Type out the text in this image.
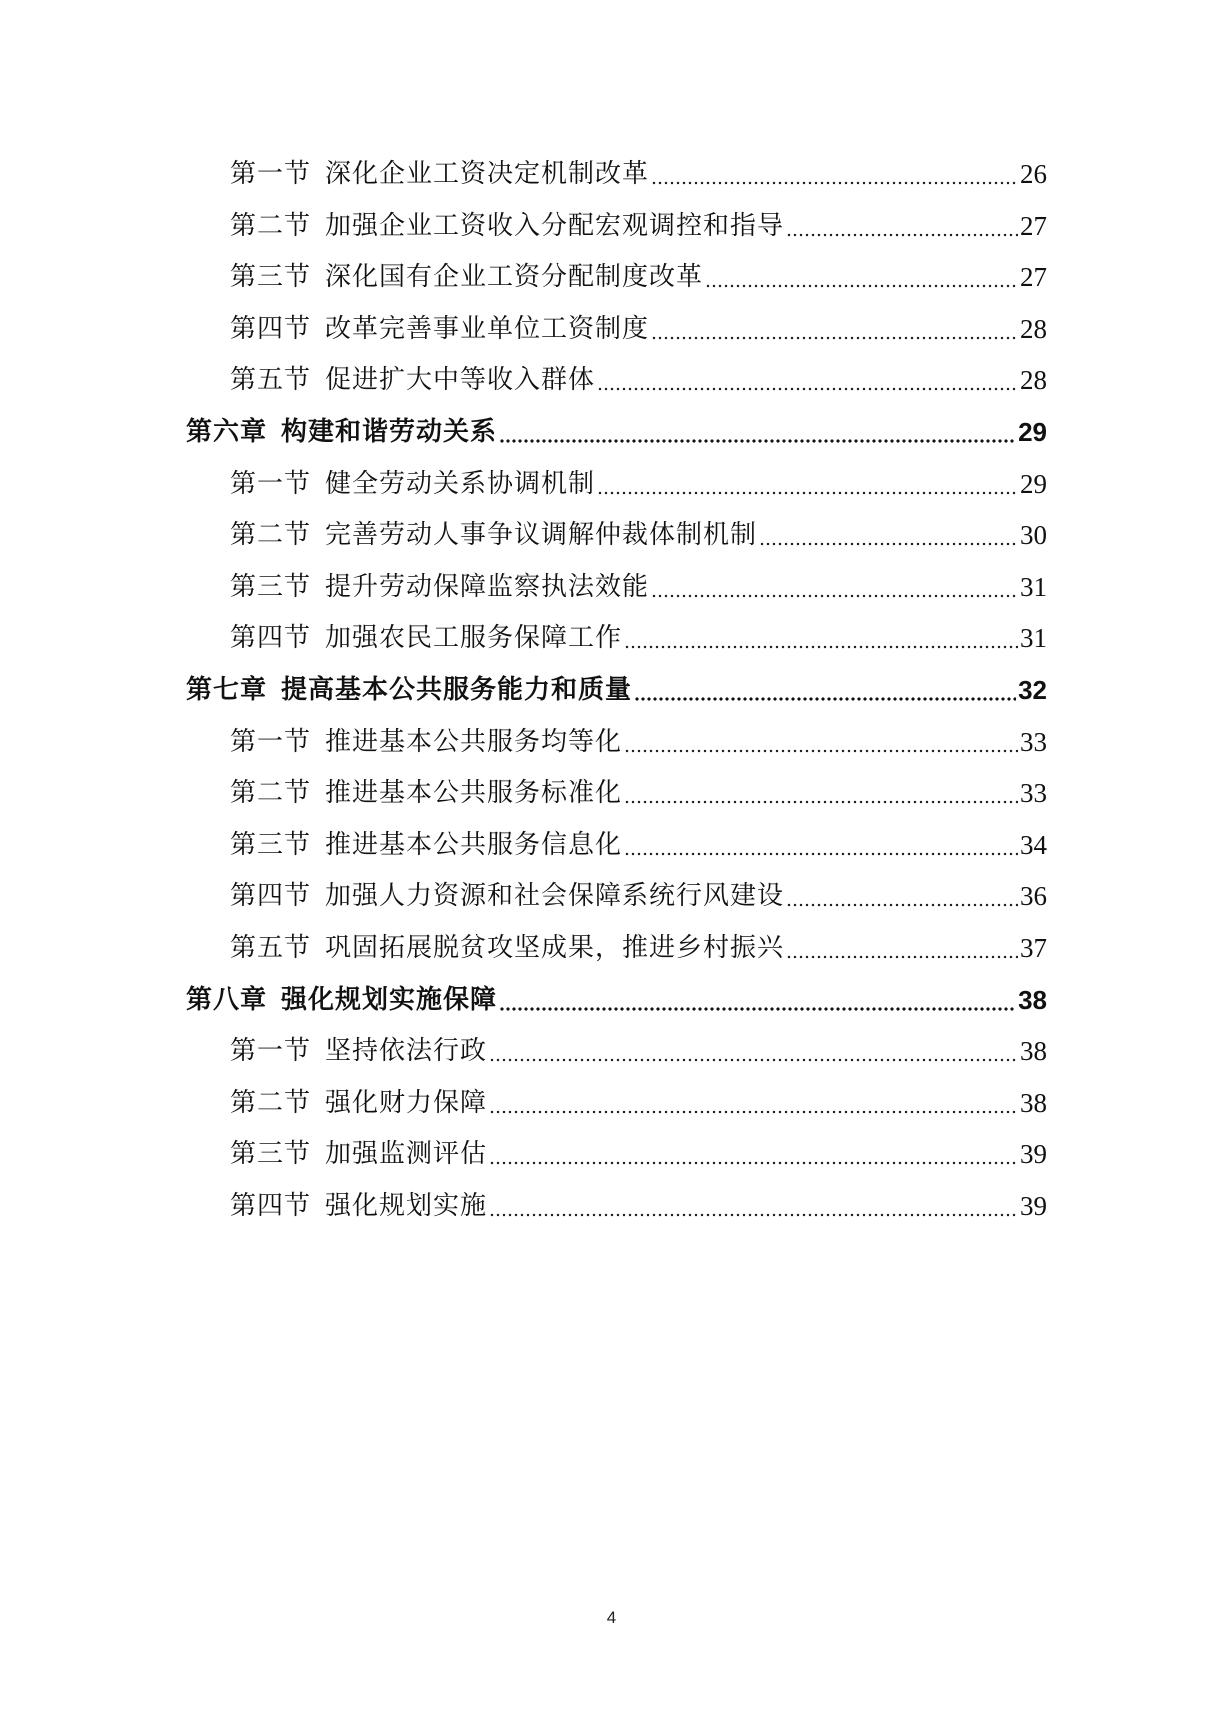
第一节 深化企业工资决定机制改革	26
第二节 加强企业工资收入分配宏观调控和指导	27
第三节 深化国有企业工资分配制度改革	27
第四节 改革完善事业单位工资制度	28
第五节 促进扩大中等收入群体	28
第六章 构建和谐劳动关系	29
第一节 健全劳动关系协调机制	29
第二节 完善劳动人事争议调解仲裁体制机制	30
第三节 提升劳动保障监察执法效能	31
第四节 加强农民工服务保障工作	31
第七章 提高基本公共服务能力和质量	32
第一节 推进基本公共服务均等化	33
第二节 推进基本公共服务标准化	33
第三节 推进基本公共服务信息化	34
第四节 加强人力资源和社会保障系统行风建设	36
第五节 巩固拓展脱贫攻坚成果，推进乡村振兴	37
第八章 强化规划实施保障	38
第一节 坚持依法行政	38
第二节 强化财力保障	38
第三节 加强监测评估	39
第四节 强化规划实施	39
4
